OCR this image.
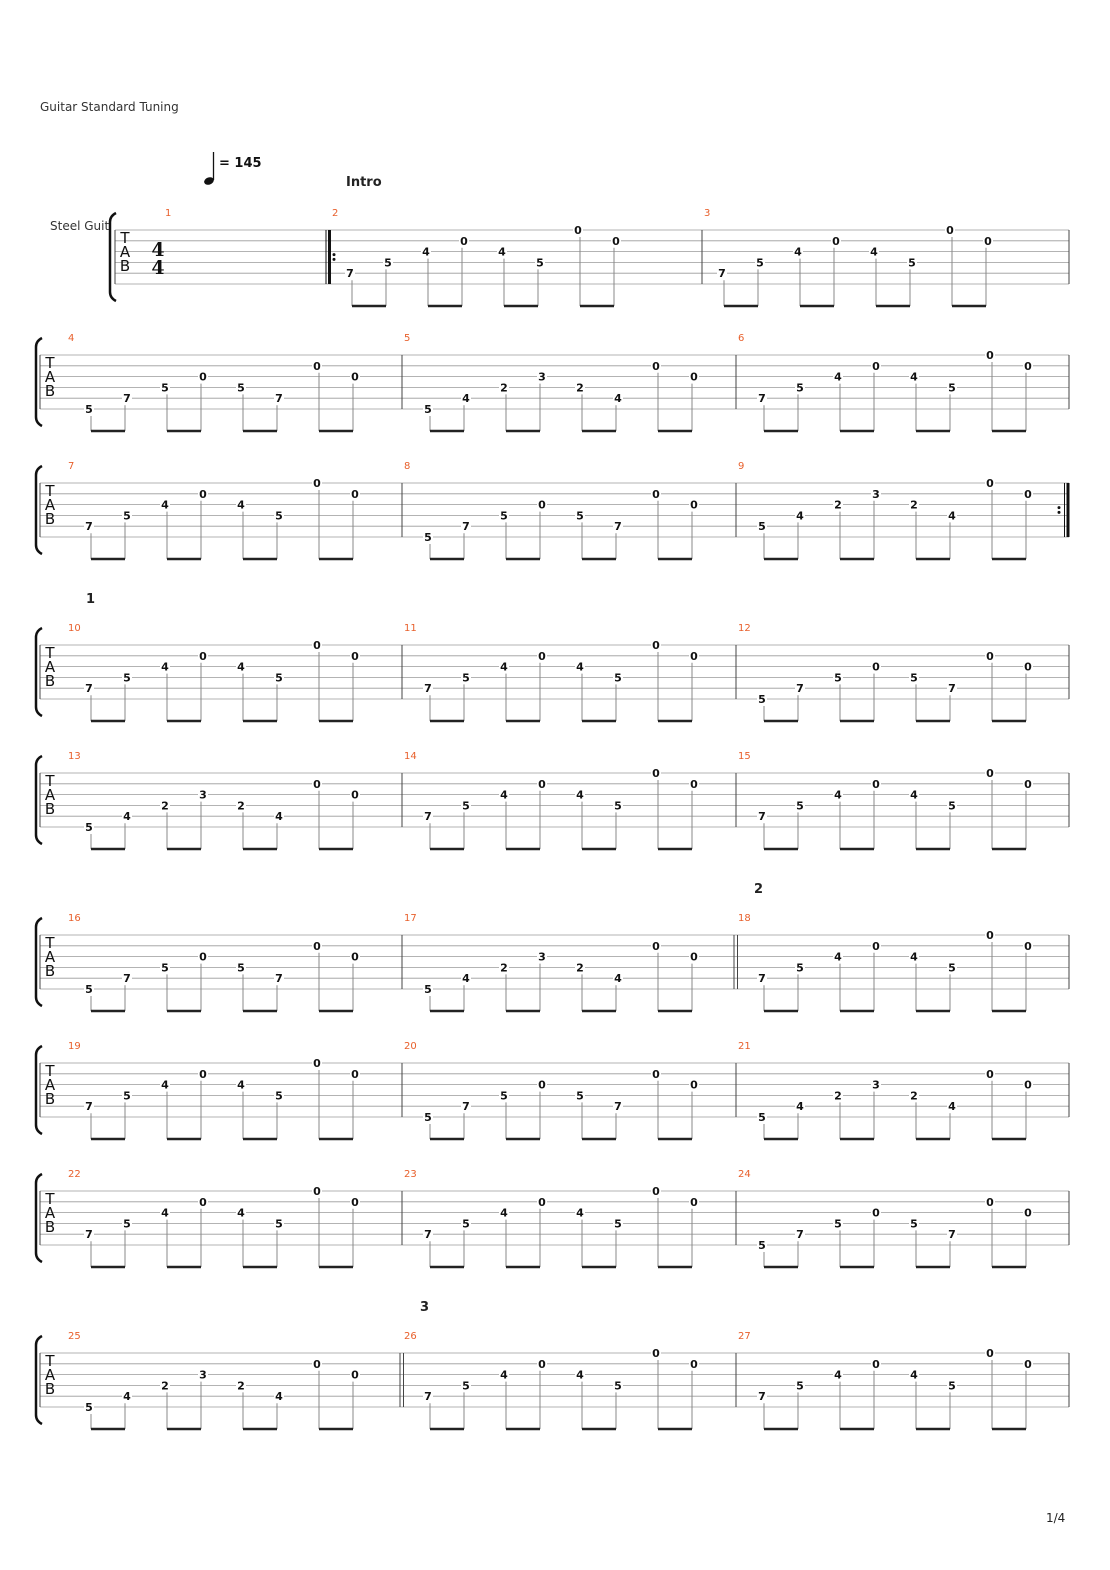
Guitar Standard Tuning
= 145
Intro
1
2
3
Steel Guit
T
A
B
4
4
1	2
7
5
4
0
4
5
0
0
3
7
5
4
0
4
5
0
0
T
A
B
4
5
7
5
0
5
7
0
0
5
5
4
2
3
2
4
0
0
6
7
5
4
0
4
5
0
0
T
A
B
7
7
5
4
0
4
5
0
0
8
5
7
5
0
5
7
0
0
9
5
4
2
3
2
4
0
0
T
A
B
10
7
5
4
0
4
5
0
0
11
7
5
4
0
4
5
0
0
12
5
7
5
0
5
7
0
0
T
A
B
13
5
4
2
3
2
4
0
0
14
7
5
4
0
4
5
0
0
15
7
5
4
0
4
5
0
0
T
A
B
16
5
7
5
0
5
7
0
0
17
5
4
2
3
2
4
0
0
18
7
5
4
0
4
5
0
0
T
A
B
19
7
5
4
0
4
5
0
0
20
5
7
5
0
5
7
0
0
21
5
4
2
3
2
4
0
0
T
A
B
22
7
5
4
0
4
5
0
0
23
7
5
4
0
4
5
0
0
24
5
7
5
0
5
7
0
0
T
A
B
25
5
4
2
3
2
4
0
0
26
7
5
4
0
4
5
0
0
27
7
5
4
0
4
5
0
0
1/4
